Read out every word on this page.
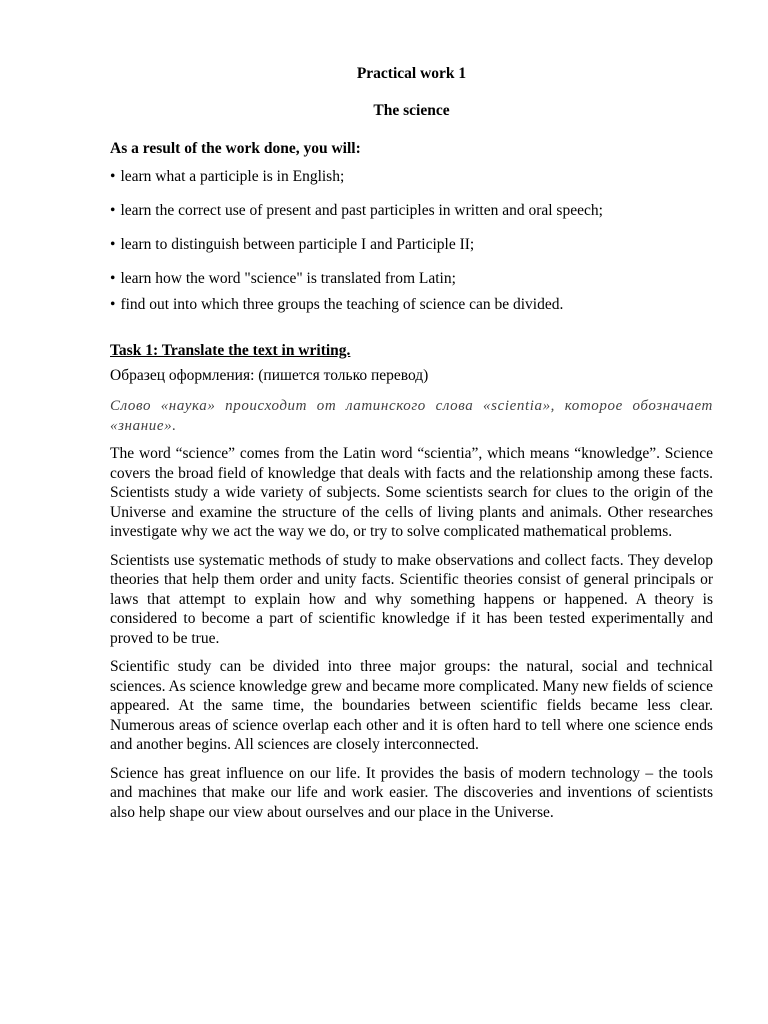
Practical work 1
The science
As a result of the work done, you will:
• learn what a participle is in English;
• learn the correct use of present and past participles in written and oral speech;
• learn to distinguish between participle I and Participle II;
• learn how the word "science" is translated from Latin;
• find out into which three groups the teaching of science can be divided.
Task 1: Translate the text in writing.
Образец оформления: (пишется только перевод)
Слово «наука» происходит от латинского слова «scientia», которое обозначает «знание».

The word “science” comes from the Latin word “scientia”, which means “knowledge”. Science covers the broad field of knowledge that deals with facts and the relationship among these facts. Scientists study a wide variety of subjects. Some scientists search for clues to the origin of the Universe and examine the structure of the cells of living plants and animals. Other researches investigate why we act the way we do, or try to solve complicated mathematical problems.

Scientists use systematic methods of study to make observations and collect facts. They develop theories that help them order and unity facts. Scientific theories consist of general principals or laws that attempt to explain how and why something happens or happened. A theory is considered to become a part of scientific knowledge if it has been tested experimentally and proved to be true.

Scientific study can be divided into three major groups: the natural, social and technical sciences. As science knowledge grew and became more complicated. Many new fields of science appeared. At the same time, the boundaries between scientific fields became less clear. Numerous areas of science overlap each other and it is often hard to tell where one science ends and another begins. All sciences are closely interconnected.

Science has great influence on our life. It provides the basis of modern technology – the tools and machines that make our life and work easier. The discoveries and inventions of scientists also help shape our view about ourselves and our place in the Universe.
